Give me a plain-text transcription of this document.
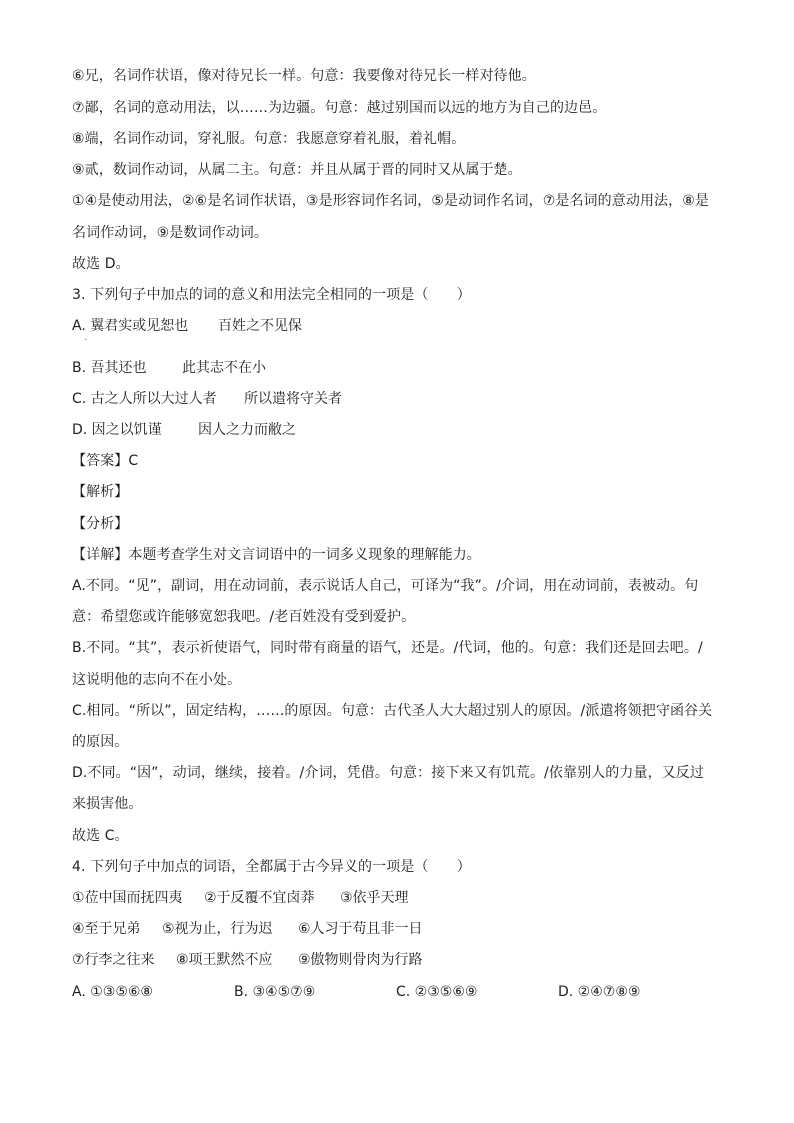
⑥兄，名词作状语，像对待兄长一样。句意：我要像对待兄长一样对待他。
⑦鄙，名词的意动用法，以……为边疆。句意：越过别国而以远的地方为自己的边邑。
⑧端，名词作动词，穿礼服。句意：我愿意穿着礼服，着礼帽。
⑨贰，数词作动词，从属二主。句意：并且从属于晋的同时又从属于楚。
①④是使动用法，②⑥是名词作状语，③是形容词作名词，⑤是动词作名词，⑦是名词的意动用法，⑧是
名词作动词，⑨是数词作动词。
故选 D。
3. 下列句子中加点的词的意义和用法完全相同的一项是（　　）
A. 翼君实或见恕也 百姓之不见保
·
B. 吾其还也	此其志不在小
C. 古之人所以大过人者 所以遣将守关者
D. 因之以饥谨	因人之力而敝之
【答案】C
【解析】
【分析】
【详解】本题考查学生对文言词语中的一词多义现象的理解能力。
A.不同。“见”，副词，用在动词前，表示说话人自己，可译为“我”。/介词，用在动词前，表被动。句
意：希望您或许能够宽恕我吧。/老百姓没有受到爱护。
B.不同。“其”，表示祈使语气，同时带有商量的语气，还是。/代词，他的。句意：我们还是回去吧。/
这说明他的志向不在小处。
C.相同。“所以”，固定结构，……的原因。句意：古代圣人大大超过别人的原因。/派遣将领把守函谷关
的原因。
D.不同。“因”，动词，继续，接着。/介词，凭借。句意：接下来又有饥荒。/依靠别人的力量，又反过
来损害他。
故选 C。
4. 下列句子中加点的词语，全都属于古今异义的一项是（　　）
①莅中国而抚四夷 ②于反覆不宜卤莽 ③依乎天理
④至于兄弟 ⑤视为止，行为迟 ⑥人习于苟且非一日
⑦行李之往来 ⑧项王默然不应 ⑨傲物则骨肉为行路
A. ①③⑤⑥⑧	B. ③④⑤⑦⑨	C. ②③⑤⑥⑨	D. ②④⑦⑧⑨
